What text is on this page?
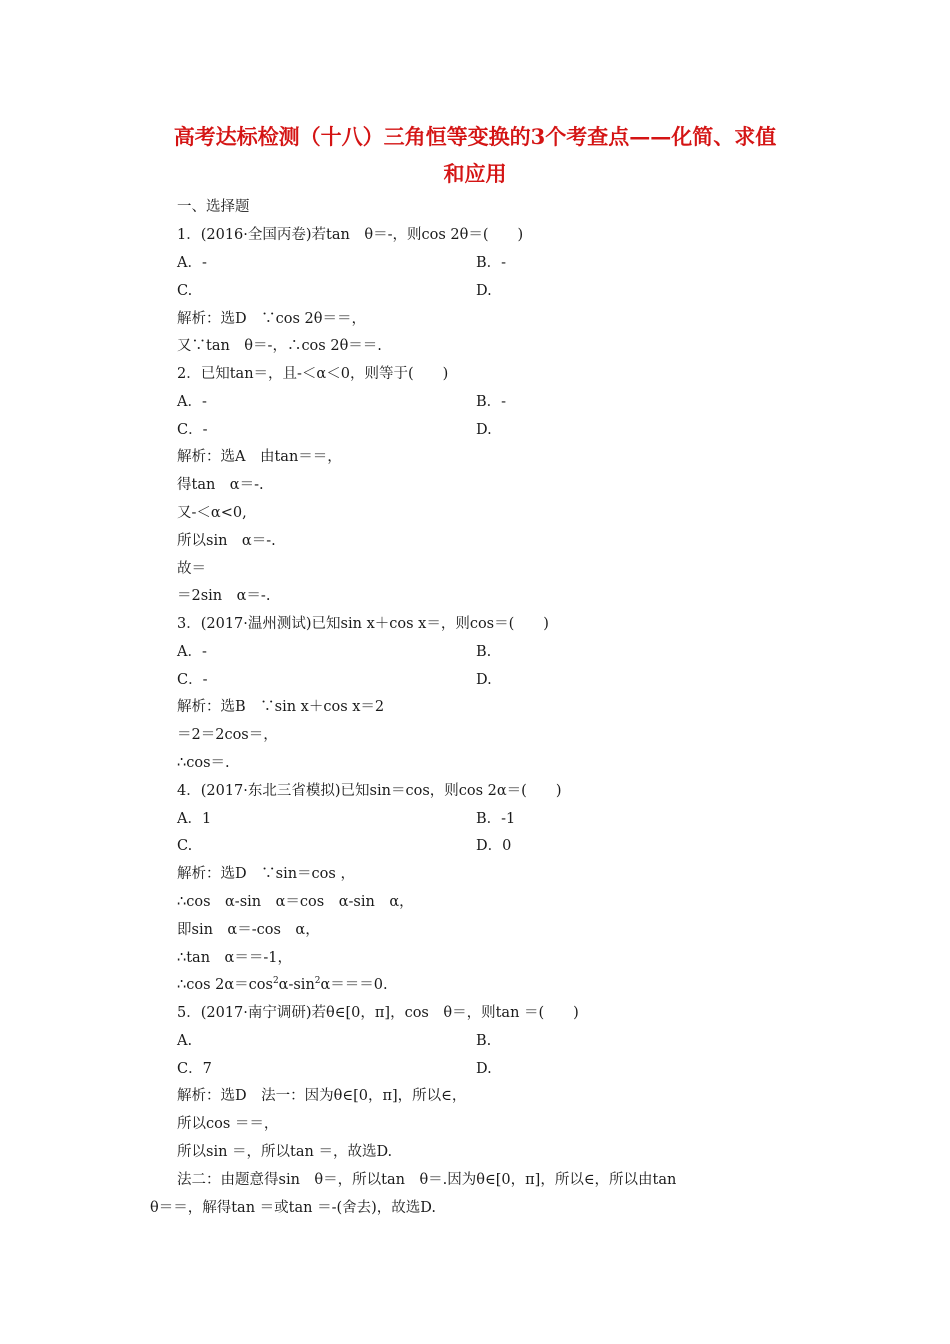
高考达标检测（十八）三角恒等变换的3个考查点——化简、求值
和应用
一、选择题
1．(2016·全国丙卷)若tan　θ＝-，则cos 2θ＝(　　)
A．-	B．-
C.	D.
解析：选D　∵cos 2θ＝＝，
又∵tan　θ＝-，∴cos 2θ＝＝.
2．已知tan＝，且-＜α＜0，则等于(　　)
A．-	B．-
C．-	D.
解析：选A　由tan＝＝，
得tan　α＝-.
又-＜α<0,
所以sin　α＝-.
故＝
＝2sin　α＝-.
3．(2017·温州测试)已知sin x＋cos x＝，则cos＝(　　)
A．-	B.
C．-	D.
解析：选B　∵sin x＋cos x＝2
＝2＝2cos＝，
∴cos＝.
4．(2017·东北三省模拟)已知sin＝cos，则cos 2α＝(　　)
A．1	B．-1
C.	D．0
解析：选D　∵sin＝cos ，
∴cos　α-sin　α＝cos　α-sin　α，
即sin　α＝-cos　α，
∴tan　α＝＝-1，
∴cos $2\alpha=\cos^2\alpha-\sin^2\alpha===0$.
5．(2017·南宁调研)若θ∈[0，π]，cos　θ＝，则tan ＝(　　)
A.	B.
C．7	D.
解析：选D　法一：因为θ∈[0，π]，所以∈，
所以cos ＝＝，
所以sin ＝，所以tan ＝，故选D.
法二：由题意得sin　θ＝，所以tan　θ＝.因为θ∈[0，π]，所以∈，所以由tan
θ＝＝，解得tan ＝或tan ＝-(舍去)，故选D.
